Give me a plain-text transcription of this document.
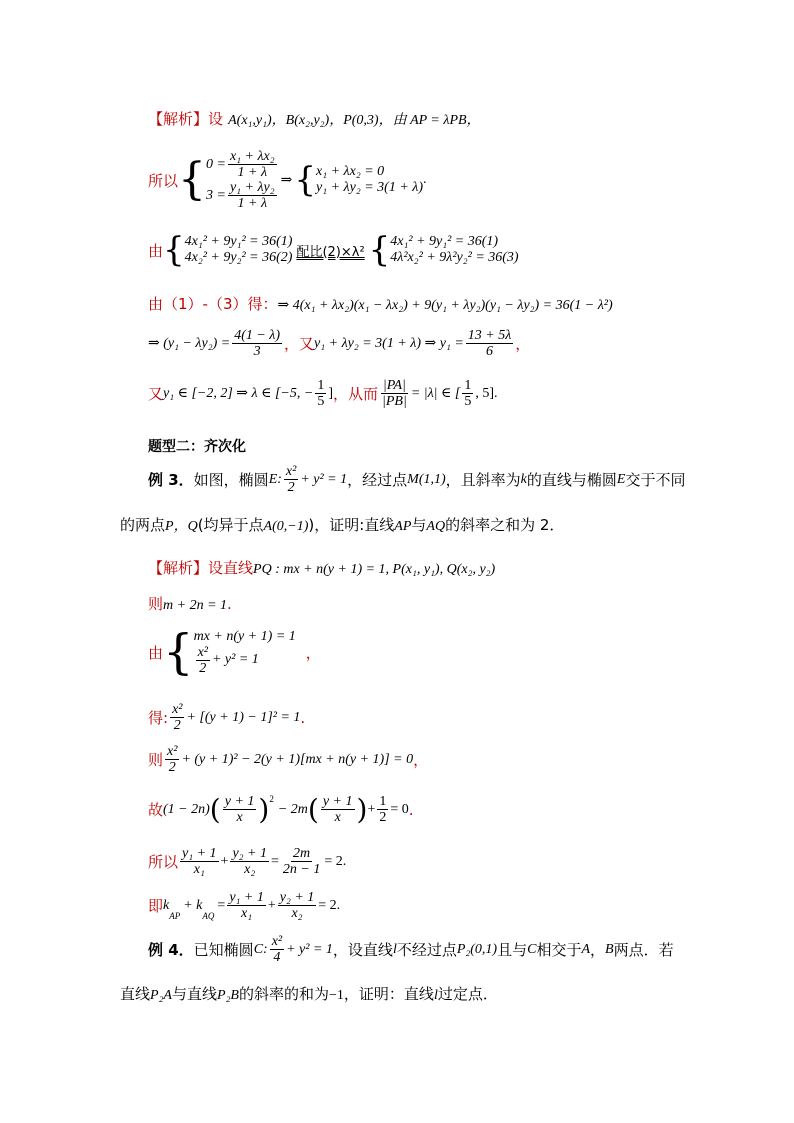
【解析】设 A(x₁,y₁)，B(x₂,y₂)，P(0,3)，由 AP = λPB，
所以 { $0 = \frac{\text{x₁ + λx₂}}{1 + \lambda}$
$3 = \frac{\text{y₁ + λy₂}}{1 + \lambda}$ ⇒ { x₁ + λx₂ = 0
y₁ + λy₂ = 3(1 + λ)
.
由 { 4x₁² + 9y₁² = 36(1)
4x₂² + 9y₂² = 36(2) 配比(2)×λ² { 4x₁² + 9y₁² = 36(1)
4λ²x₂² + 9λ²y₂² = 36(3)
由（1）-（3）得：⇒ 4(x₁ + λx₂)(x₁ − λx₂) + 9(y₁ + λy₂)(y₁ − λy₂) = 36(1 − λ²)
⇒ $(y_1 - \lambda y_2) = \frac{4(1 - \lambda)}{3}$ ，又 y₁ + λy₂ = 3(1 + λ) ⇒ $y_1 = \frac{13 + 5\lambda}{6}$ ，
又 y₁ ∈ [−2, 2] ⇒ λ ∈ [−5, − $\frac{1}{5}$ ] ，从而 $\frac{|PA|}{|PB|} = |\lambda|$ ∈ [ $\frac{1}{5}$ , 5].
题型二：齐次化
例 3． 如图，椭圆 E: $\frac{\text{x²}}{2} + y^2 = 1$ ，经过点 M(1,1) ，且斜率为 k 的直线与椭圆 E 交于不同
的两点P，Q(均异于点A(0,−1))，证明:直线AP与AQ的斜率之和为 2．
【解析】设直线PQ : mx + n(y + 1) = 1, P(x₁, y₁), Q(x₂, y₂)
则m + 2n = 1.
由 { mx + n(y + 1) = 1
$\frac{\text{x²}}{2} + y^2 = 1$	，
得: $\frac{\text{x²}}{2} + [(y + 1) - 1]^2 = 1$ .
则 $\frac{\text{x²}}{2} + (y + 1)^2 - 2(y + 1)[mx + n(y + 1)] = 0$ ，
故 (1 − 2n) ( $\frac{y + 1}{x} )^2$
− 2m ( $\frac{y + 1}{x}$ ) + $\frac{1}{2} = 0$ .
所以 $\frac{\text{y₁ + 1}}{\text{x₁}} + \frac{\text{y₂ + 1}}{\text{x₂}} = \frac{2m}{2n - 1} = 2$.
即 k
$_{AP}$
+ k
$_{AQ}$
= $\frac{\text{y₁ + 1}}{\text{x₁}} + \frac{\text{y₂ + 1}}{\text{x₂}} = 2$.
例 4． 已知椭圆 C: $\frac{\text{x²}}{4} + y^2 = 1$ ，设直线 l 不经过点 P₂(0,1) 且与 C 相交于 A ， B 两点．若
直线P₂A与直线P₂B的斜率的和为−1，证明：直线l过定点．
